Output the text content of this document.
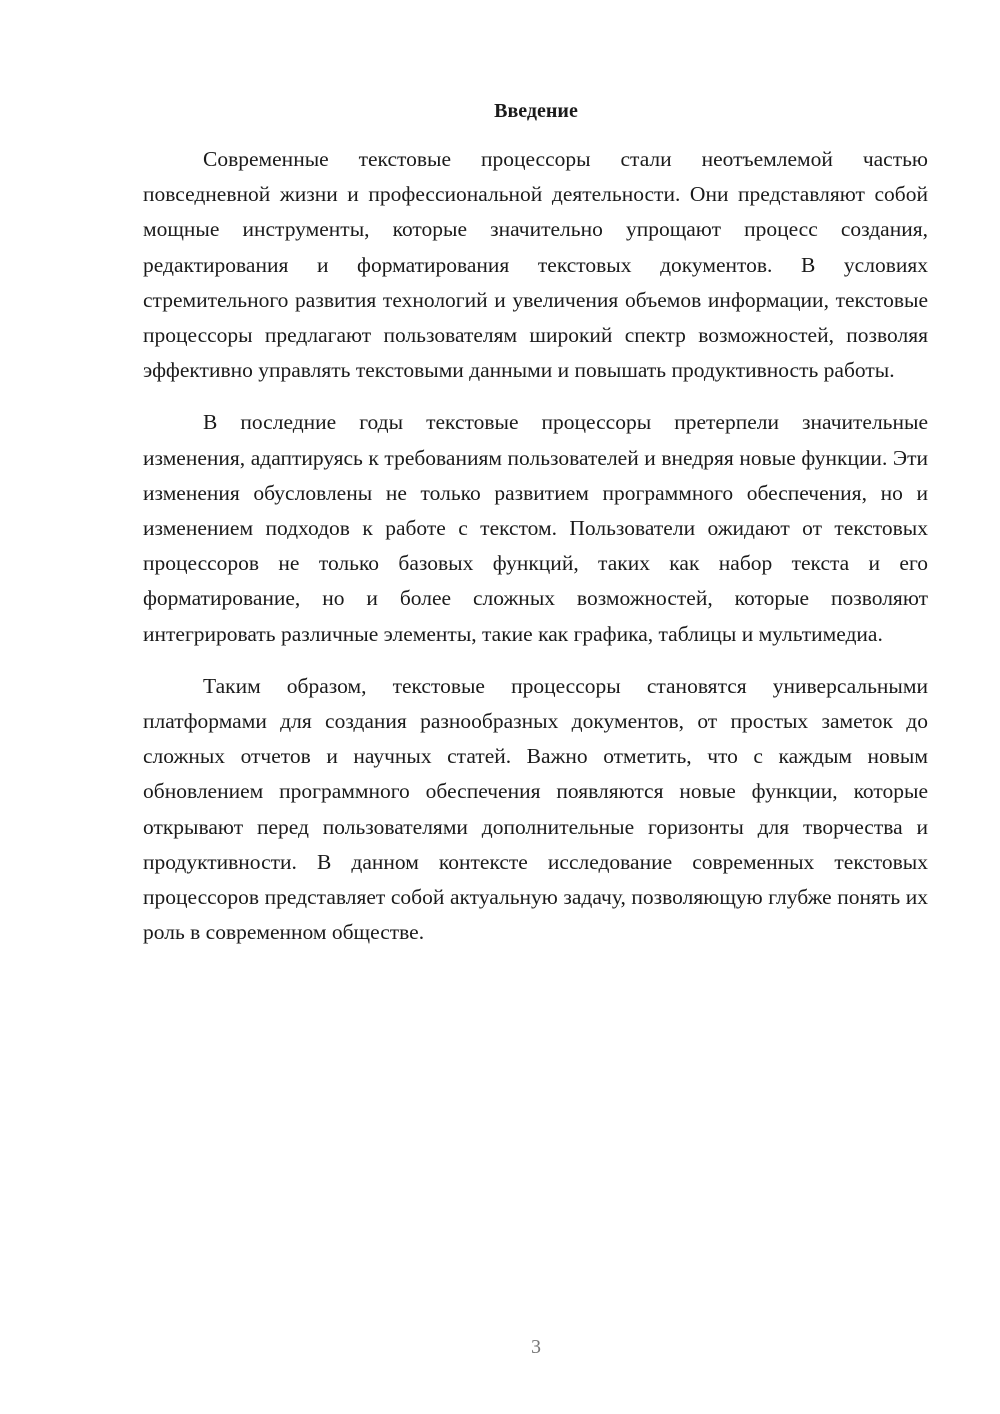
Введение

Современные текстовые процессоры стали неотъемлемой частью повседневной жизни и профессиональной деятельности. Они представляют собой мощные инструменты, которые значительно упрощают процесс создания, редактирования и форматирования текстовых документов. В условиях стремительного развития технологий и увеличения объемов информации, текстовые процессоры предлагают пользователям широкий спектр возможностей, позволяя эффективно управлять текстовыми данными и повышать продуктивность работы.

В последние годы текстовые процессоры претерпели значительные изменения, адаптируясь к требованиям пользователей и внедряя новые функции. Эти изменения обусловлены не только развитием программного обеспечения, но и изменением подходов к работе с текстом. Пользователи ожидают от текстовых процессоров не только базовых функций, таких как набор текста и его форматирование, но и более сложных возможностей, которые позволяют интегрировать различные элементы, такие как графика, таблицы и мультимедиа.

Таким образом, текстовые процессоры становятся универсальными платформами для создания разнообразных документов, от простых заметок до сложных отчетов и научных статей. Важно отметить, что с каждым новым обновлением программного обеспечения появляются новые функции, которые открывают перед пользователями дополнительные горизонты для творчества и продуктивности. В данном контексте исследование современных текстовых процессоров представляет собой актуальную задачу, позволяющую глубже понять их роль в современном обществе.

3
